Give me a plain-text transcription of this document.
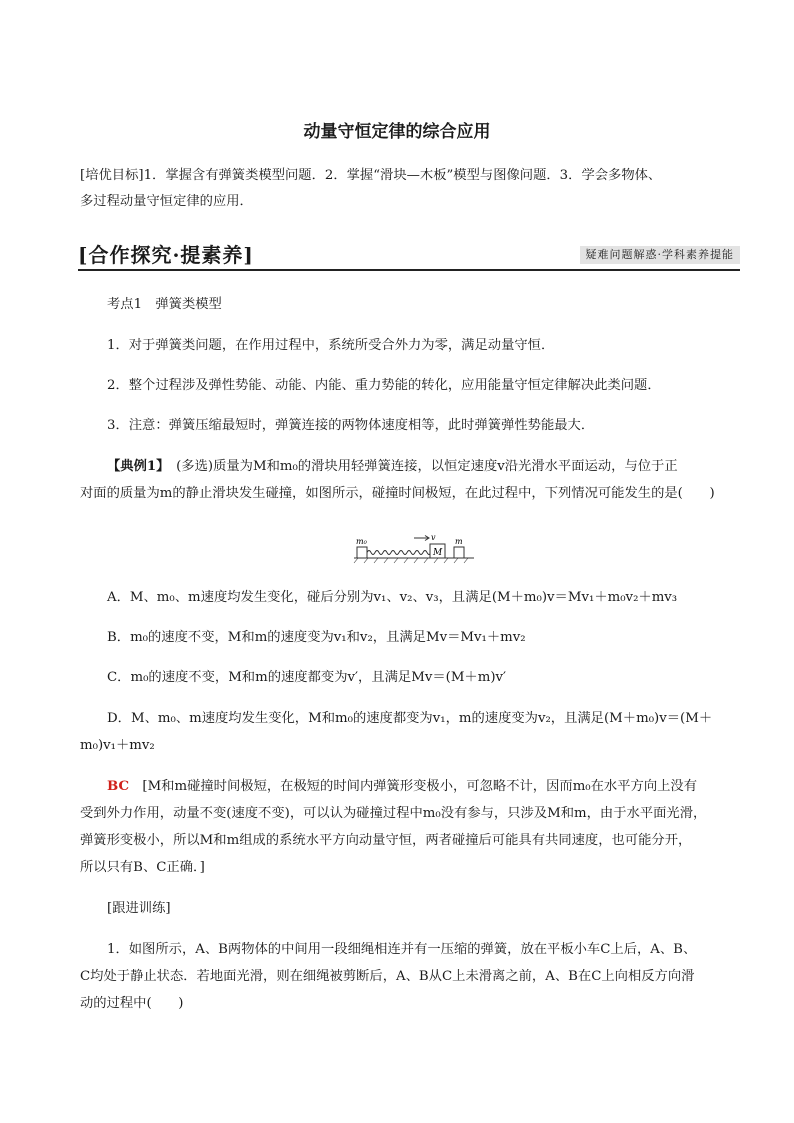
动量守恒定律的综合应用
[培优目标]1．掌握含有弹簧类模型问题．2．掌握“滑块—木板”模型与图像问题．3．学会多物体、
多过程动量守恒定律的应用．
[合作探究·提素养]	疑难问题解惑·学科素养提能
考点1　弹簧类模型
1．对于弹簧类问题，在作用过程中，系统所受合外力为零，满足动量守恒．
2．整个过程涉及弹性势能、动能、内能、重力势能的转化，应用能量守恒定律解决此类问题．
3．注意：弹簧压缩最短时，弹簧连接的两物体速度相等，此时弹簧弹性势能最大．
【典例1】　(多选)质量为M和m₀的滑块用轻弹簧连接，以恒定速度v沿光滑水平面运动，与位于正
对面的质量为m的静止滑块发生碰撞，如图所示，碰撞时间极短，在此过程中，下列情况可能发生的是(　　)
m₀
M
m
v
A．M、m₀、m速度均发生变化，碰后分别为v₁、v₂、v₃，且满足(M＋m₀)v＝Mv₁＋m₀v₂＋mv₃
B．m₀的速度不变，M和m的速度变为v₁和v₂，且满足Mv＝Mv₁＋mv₂
C．m₀的速度不变，M和m的速度都变为v′，且满足Mv＝(M＋m)v′
D．M、m₀、m速度均发生变化，M和m₀的速度都变为v₁，m的速度变为v₂，且满足(M＋m₀)v＝(M＋
m₀)v₁＋mv₂
BC　[M和m碰撞时间极短，在极短的时间内弹簧形变极小，可忽略不计，因而m₀在水平方向上没有
受到外力作用，动量不变(速度不变)，可以认为碰撞过程中m₀没有参与，只涉及M和m，由于水平面光滑，
弹簧形变极小，所以M和m组成的系统水平方向动量守恒，两者碰撞后可能具有共同速度，也可能分开，
所以只有B、C正确．]
[跟进训练]
1．如图所示，A、B两物体的中间用一段细绳相连并有一压缩的弹簧，放在平板小车C上后，A、B、
C均处于静止状态．若地面光滑，则在细绳被剪断后，A、B从C上未滑离之前，A、B在C上向相反方向滑
动的过程中(　　)
